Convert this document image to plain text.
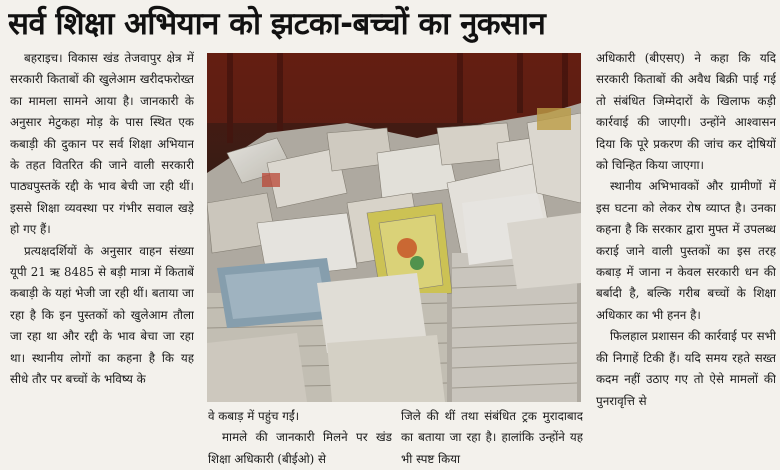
सर्व शिक्षा अभियान को झटका-बच्चों का नुकसान

बहराइच। विकास खंड तेजवापुर क्षेत्र में सरकारी किताबों की खुलेआम खरीदफरोख्त का मामला सामने आया है। जानकारी के अनुसार मेटुकहा मोड़ के पास स्थित एक कबाड़ी की दुकान पर सर्व शिक्षा अभियान के तहत वितरित की जाने वाली सरकारी पाठ्यपुस्तकें रद्दी के भाव बेची जा रही थीं। इससे शिक्षा व्यवस्था पर गंभीर सवाल खड़े हो गए हैं।

प्रत्यक्षदर्शियों के अनुसार वाहन संख्या यूपी 21 ऋ 8485 से बड़ी मात्रा में किताबें कबाड़ी के यहां भेजी जा रही थीं। बताया जा रहा है कि इन पुस्तकों को खुलेआम तौला जा रहा था और रद्दी के भाव बेचा जा रहा था। स्थानीय लोगों का कहना है कि यह सीधे तौर पर बच्चों के भविष्य के

वे कबाड़ में पहुंच गईं।

मामले की जानकारी मिलने पर खंड शिक्षा अधिकारी (बीईओ) से

जिले की थीं तथा संबंधित ट्रक मुरादाबाद का बताया जा रहा है। हालांकि उन्होंने यह भी स्पष्ट किया

अधिकारी (बीएसए) ने कहा कि यदि सरकारी किताबों की अवैध बिक्री पाई गई तो संबंधित जिम्मेदारों के खिलाफ कड़ी कार्रवाई की जाएगी। उन्होंने आश्वासन दिया कि पूरे प्रकरण की जांच कर दोषियों को चिन्हित किया जाएगा।

स्थानीय अभिभावकों और ग्रामीणों में इस घटना को लेकर रोष व्याप्त है। उनका कहना है कि सरकार द्वारा मुफ्त में उपलब्ध कराई जाने वाली पुस्तकों का इस तरह कबाड़ में जाना न केवल सरकारी धन की बर्बादी है, बल्कि गरीब बच्चों के शिक्षा अधिकार का भी हनन है।

फिलहाल प्रशासन की कार्रवाई पर सभी की निगाहें टिकी हैं। यदि समय रहते सख्त कदम नहीं उठाए गए तो ऐसे मामलों की पुनरावृत्ति से
